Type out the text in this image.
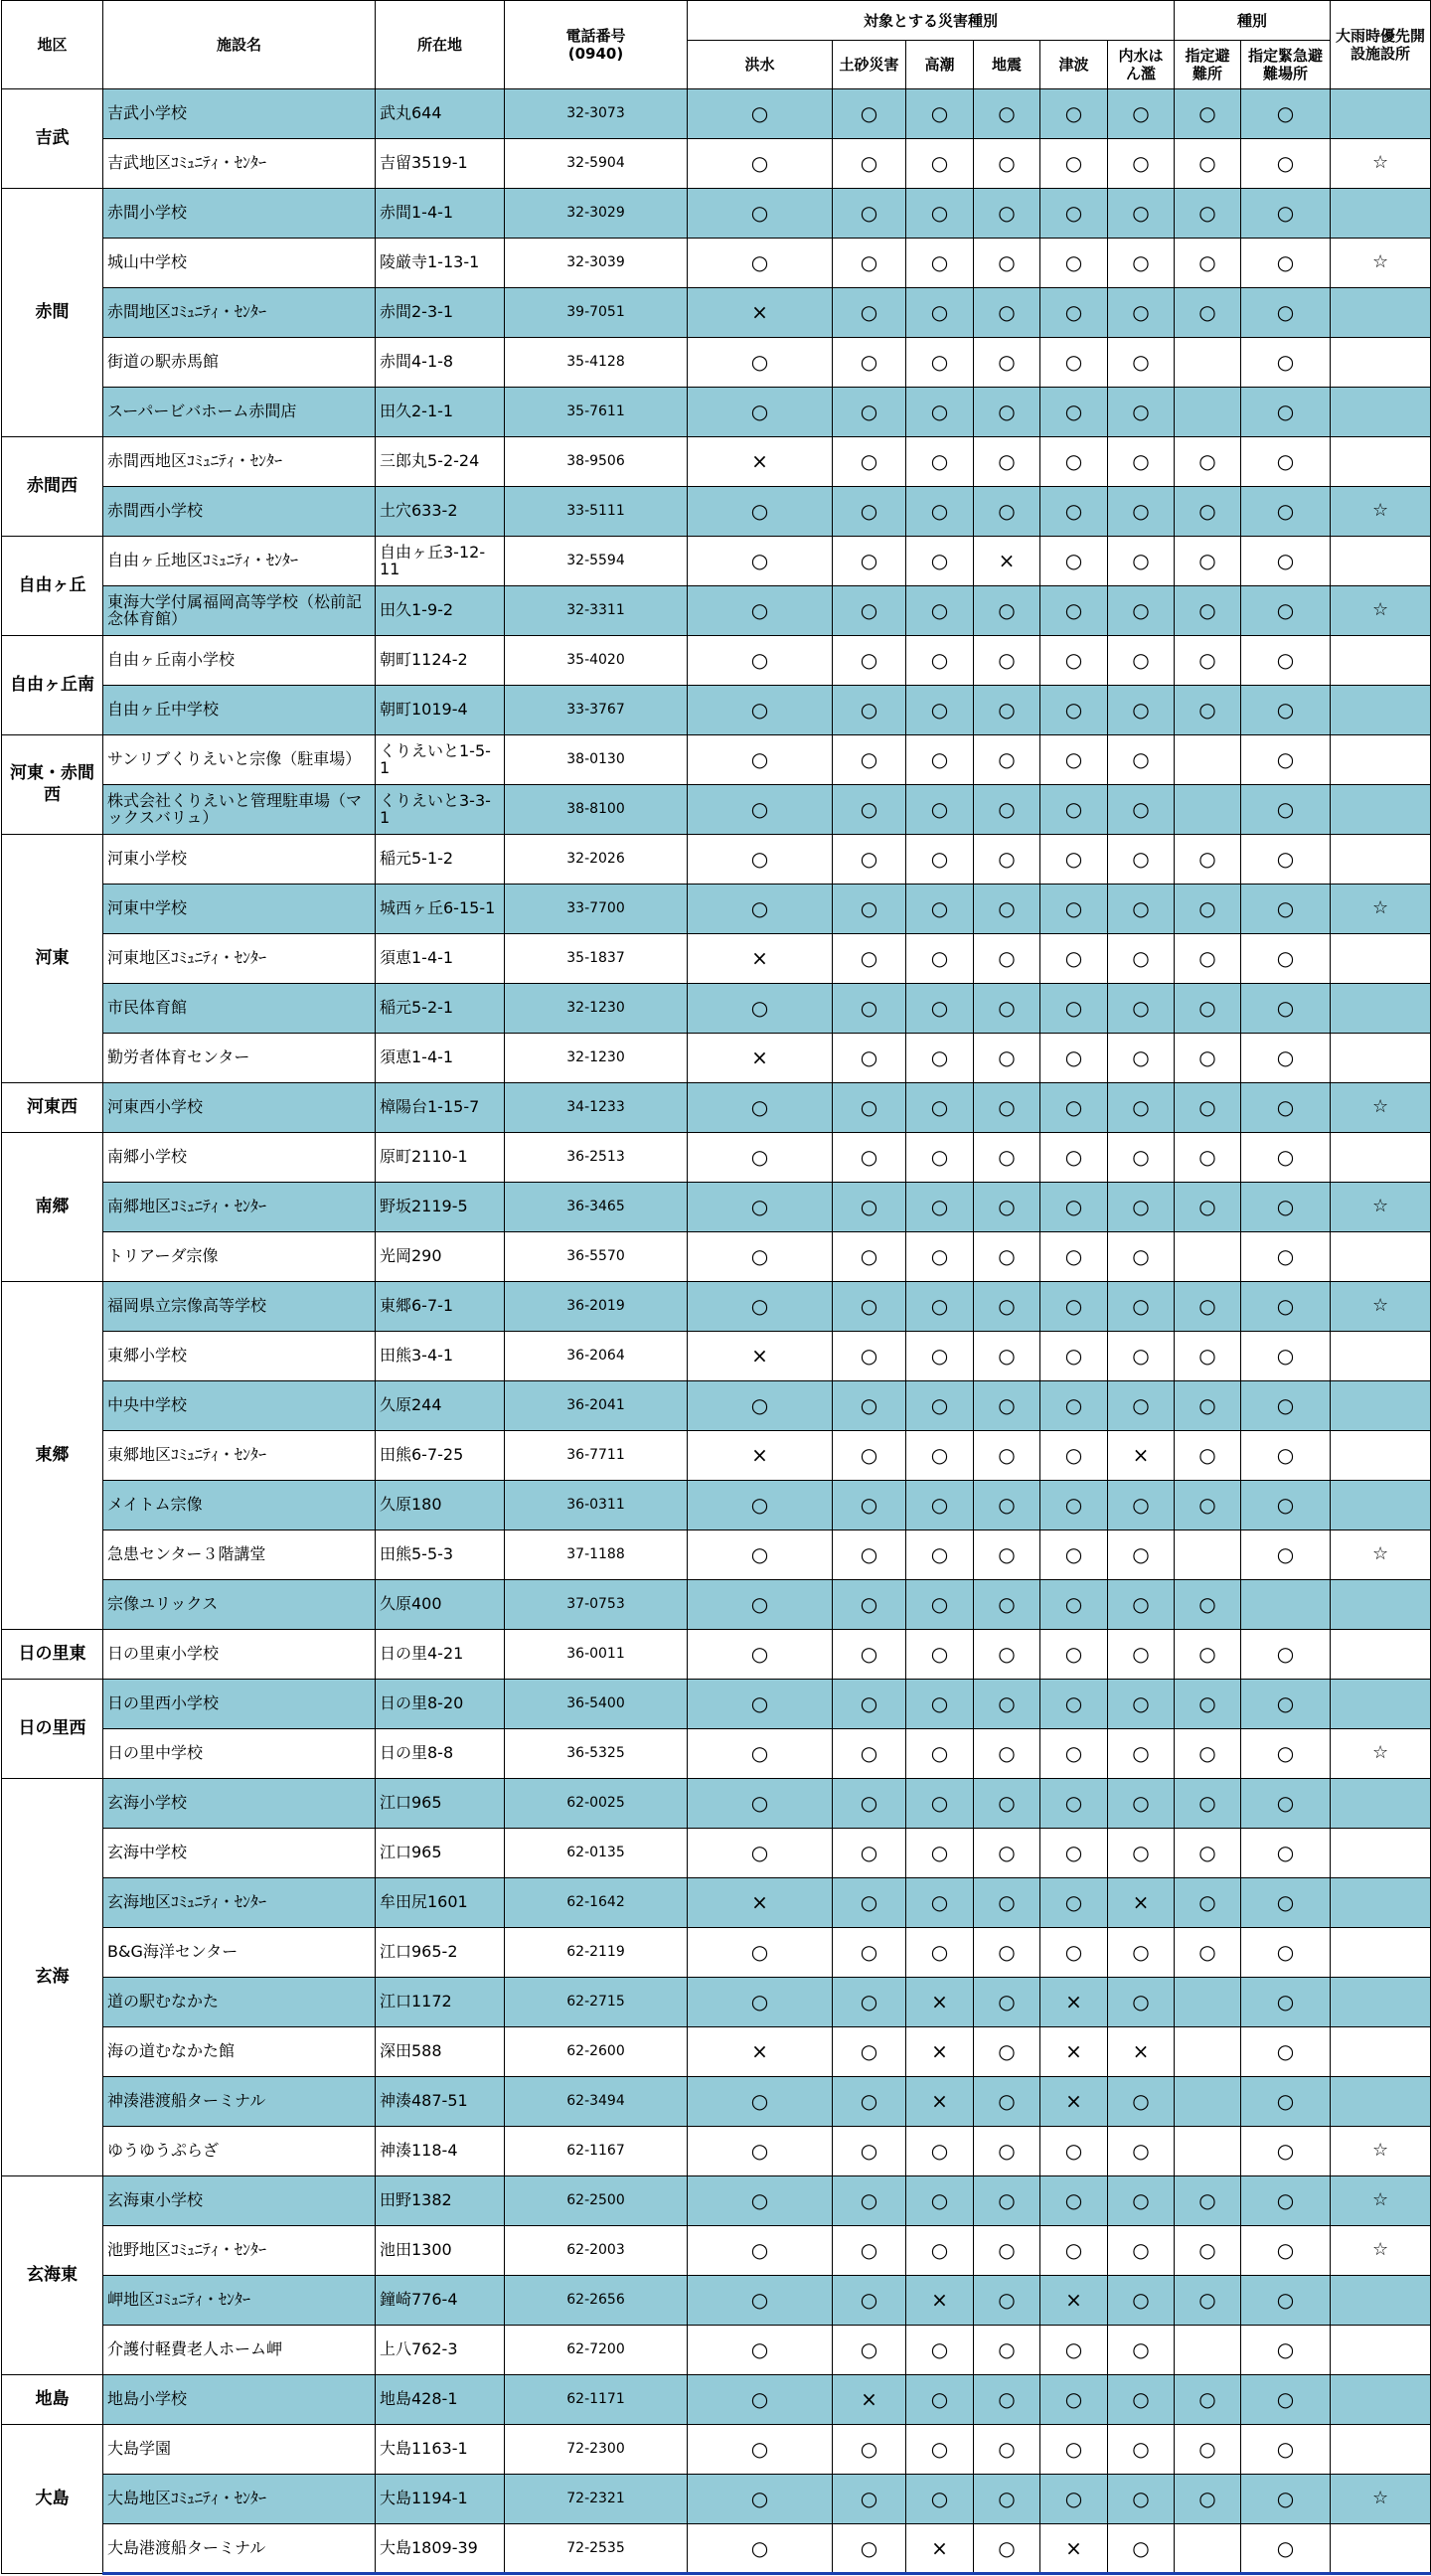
地区	施設名	所在地	電話番号
(0940)	対象とする災害種別						種別		大雨時優先開設施設所
				洪水	土砂災害	高潮	地震	津波	内水はん濫	指定避難所	指定緊急避難場所	
吉武	吉武小学校	武丸644	32-3073	○	○	○	○	○	○	○	○	
	吉武地区ｺﾐｭﾆﾃｨ・ｾﾝﾀｰ	吉留3519-1	32-5904	○	○	○	○	○	○	○	○	☆
赤間	赤間小学校	赤間1-4-1	32-3029	○	○	○	○	○	○	○	○	
	城山中学校	陵厳寺1-13-1	32-3039	○	○	○	○	○	○	○	○	☆
	赤間地区ｺﾐｭﾆﾃｨ・ｾﾝﾀｰ	赤間2-3-1	39-7051	×	○	○	○	○	○	○	○	
	街道の駅赤馬館	赤間4-1-8	35-4128	○	○	○	○	○	○		○	
	スーパービバホーム赤間店	田久2-1-1	35-7611	○	○	○	○	○	○		○	
赤間西	赤間西地区ｺﾐｭﾆﾃｨ・ｾﾝﾀｰ	三郎丸5-2-24	38-9506	×	○	○	○	○	○	○	○	
	赤間西小学校	土穴633-2	33-5111	○	○	○	○	○	○	○	○	☆
自由ヶ丘	自由ヶ丘地区ｺﾐｭﾆﾃｨ・ｾﾝﾀｰ	自由ヶ丘3-12-11	32-5594	○	○	○	×	○	○	○	○	
	東海大学付属福岡高等学校（松前記念体育館）	田久1-9-2	32-3311	○	○	○	○	○	○	○	○	☆
自由ヶ丘南	自由ヶ丘南小学校	朝町1124-2	35-4020	○	○	○	○	○	○	○	○	
	自由ヶ丘中学校	朝町1019-4	33-3767	○	○	○	○	○	○	○	○	
河東・赤間西	サンリブくりえいと宗像（駐車場）	くりえいと1-5-1	38-0130	○	○	○	○	○	○		○	
	株式会社くりえいと管理駐車場（マックスバリュ）	くりえいと3-3-1	38-8100	○	○	○	○	○	○		○	
河東	河東小学校	稲元5-1-2	32-2026	○	○	○	○	○	○	○	○	
	河東中学校	城西ヶ丘6-15-1	33-7700	○	○	○	○	○	○	○	○	☆
	河東地区ｺﾐｭﾆﾃｨ・ｾﾝﾀｰ	須恵1-4-1	35-1837	×	○	○	○	○	○	○	○	
	市民体育館	稲元5-2-1	32-1230	○	○	○	○	○	○	○	○	
	勤労者体育センター	須恵1-4-1	32-1230	×	○	○	○	○	○	○	○	
河東西	河東西小学校	樟陽台1-15-7	34-1233	○	○	○	○	○	○	○	○	☆
南郷	南郷小学校	原町2110-1	36-2513	○	○	○	○	○	○	○	○	
	南郷地区ｺﾐｭﾆﾃｨ・ｾﾝﾀｰ	野坂2119-5	36-3465	○	○	○	○	○	○	○	○	☆
	トリアーダ宗像	光岡290	36-5570	○	○	○	○	○	○		○	
東郷	福岡県立宗像高等学校	東郷6-7-1	36-2019	○	○	○	○	○	○	○	○	☆
	東郷小学校	田熊3-4-1	36-2064	×	○	○	○	○	○	○	○	
	中央中学校	久原244	36-2041	○	○	○	○	○	○	○	○	
	東郷地区ｺﾐｭﾆﾃｨ・ｾﾝﾀｰ	田熊6-7-25	36-7711	×	○	○	○	○	×	○	○	
	メイトム宗像	久原180	36-0311	○	○	○	○	○	○	○	○	
	急患センター３階講堂	田熊5-5-3	37-1188	○	○	○	○	○	○		○	☆
	宗像ユリックス	久原400	37-0753	○	○	○	○	○	○	○		
日の里東	日の里東小学校	日の里4-21	36-0011	○	○	○	○	○	○	○	○	
日の里西	日の里西小学校	日の里8-20	36-5400	○	○	○	○	○	○	○	○	
	日の里中学校	日の里8-8	36-5325	○	○	○	○	○	○	○	○	☆
玄海	玄海小学校	江口965	62-0025	○	○	○	○	○	○	○	○	
	玄海中学校	江口965	62-0135	○	○	○	○	○	○	○	○	
	玄海地区ｺﾐｭﾆﾃｨ・ｾﾝﾀｰ	牟田尻1601	62-1642	×	○	○	○	○	×	○	○	
	B&G海洋センター	江口965-2	62-2119	○	○	○	○	○	○	○	○	
	道の駅むなかた	江口1172	62-2715	○	○	×	○	×	○		○	
	海の道むなかた館	深田588	62-2600	×	○	×	○	×	×		○	
	神湊港渡船ターミナル	神湊487-51	62-3494	○	○	×	○	×	○		○	
	ゆうゆうぷらざ	神湊118-4	62-1167	○	○	○	○	○	○		○	☆
玄海東	玄海東小学校	田野1382	62-2500	○	○	○	○	○	○	○	○	☆
	池野地区ｺﾐｭﾆﾃｨ・ｾﾝﾀｰ	池田1300	62-2003	○	○	○	○	○	○	○	○	☆
	岬地区ｺﾐｭﾆﾃｨ・ｾﾝﾀｰ	鐘崎776-4	62-2656	○	○	×	○	×	○	○	○	
	介護付軽費老人ホーム岬	上八762-3	62-7200	○	○	○	○	○	○		○	
地島	地島小学校	地島428-1	62-1171	○	×	○	○	○	○	○	○	
大島	大島学園	大島1163-1	72-2300	○	○	○	○	○	○	○	○	
	大島地区ｺﾐｭﾆﾃｨ・ｾﾝﾀｰ	大島1194-1	72-2321	○	○	○	○	○	○	○	○	☆
	大島港渡船ターミナル	大島1809-39	72-2535	○	○	×	○	×	○		○	
